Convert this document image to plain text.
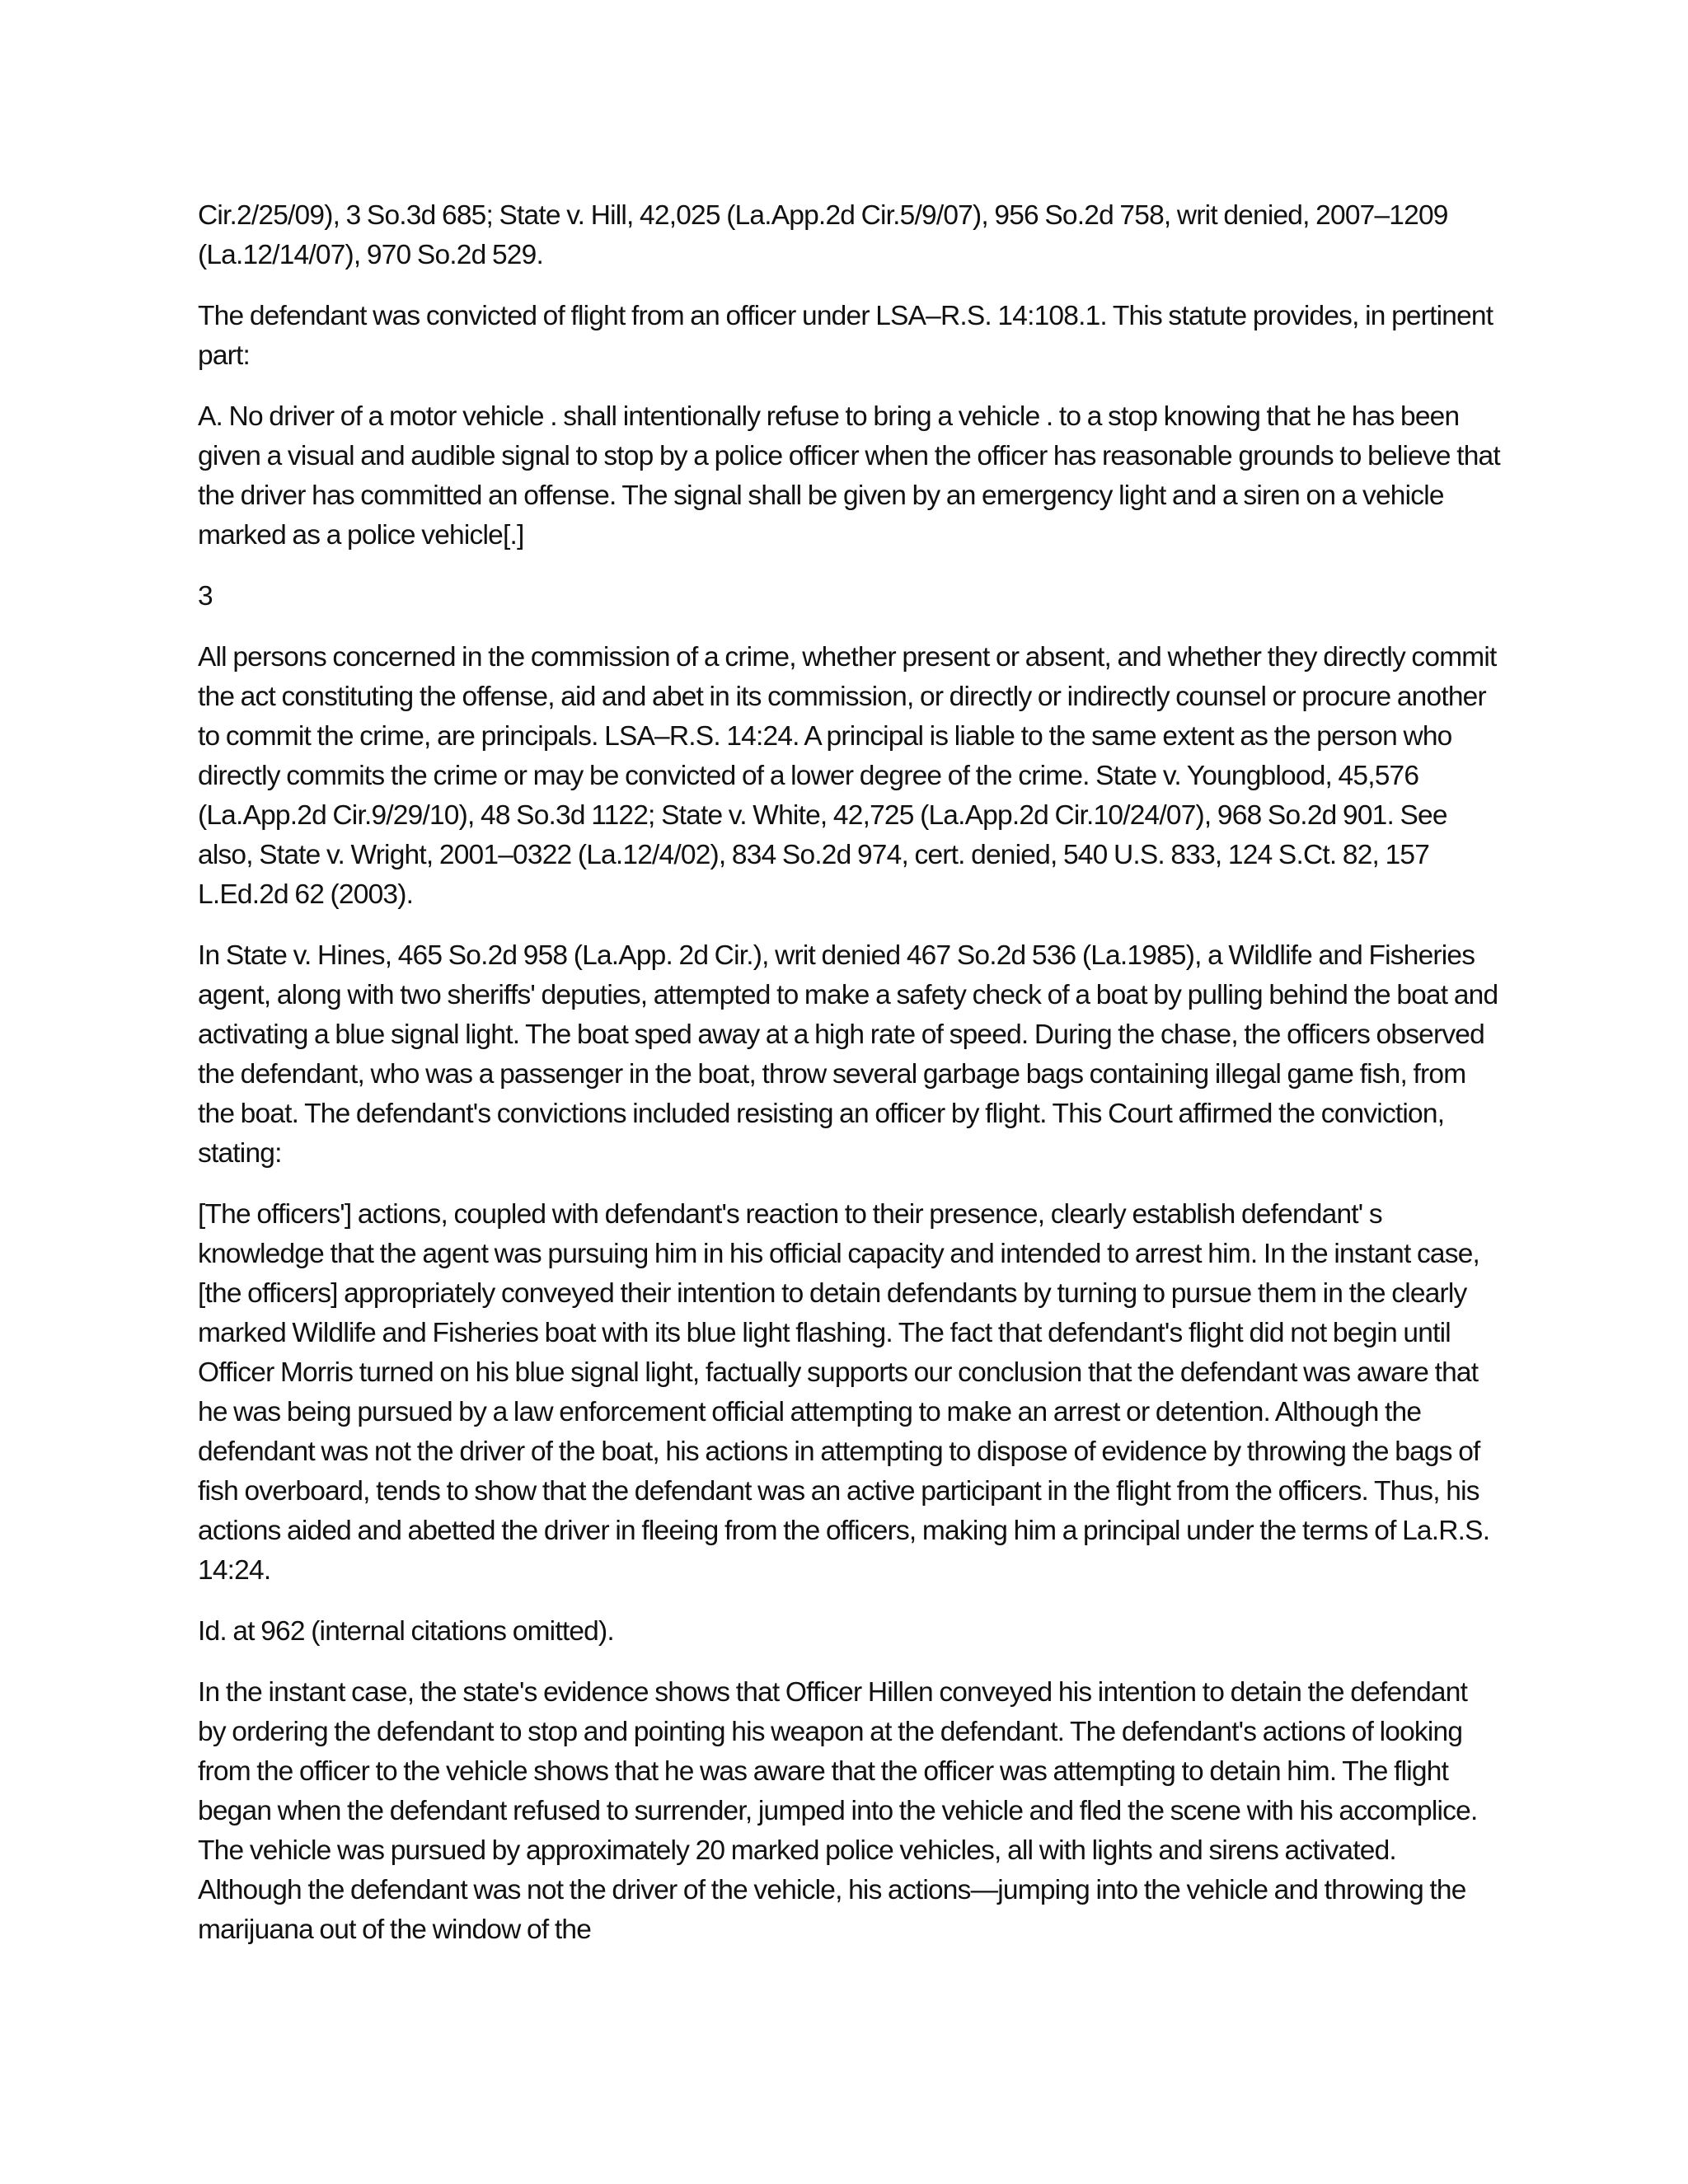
Cir.2/25/09), 3 So.3d 685; State v. Hill, 42,025 (La.App.2d Cir.5/9/07), 956 So.2d 758, writ denied, 2007–1209 (La.12/14/07), 970 So.2d 529.

The defendant was convicted of flight from an officer under LSA–R.S. 14:108.1. This statute provides, in pertinent part:

A. No driver of a motor vehicle . shall intentionally refuse to bring a vehicle . to a stop knowing that he has been given a visual and audible signal to stop by a police officer when the officer has reasonable grounds to believe that the driver has committed an offense. The signal shall be given by an emergency light and a siren on a vehicle marked as a police vehicle[.]

3

All persons concerned in the commission of a crime, whether present or absent, and whether they directly commit the act constituting the offense, aid and abet in its commission, or directly or indirectly counsel or procure another to commit the crime, are principals. LSA–R.S. 14:24. A principal is liable to the same extent as the person who directly commits the crime or may be convicted of a lower degree of the crime. State v. Youngblood, 45,576 (La.App.2d Cir.9/29/10), 48 So.3d 1122; State v. White, 42,725 (La.App.2d Cir.10/24/07), 968 So.2d 901. See also, State v. Wright, 2001–0322 (La.12/4/02), 834 So.2d 974, cert. denied, 540 U.S. 833, 124 S.Ct. 82, 157 L.Ed.2d 62 (2003).

In State v. Hines, 465 So.2d 958 (La.App. 2d Cir.), writ denied 467 So.2d 536 (La.1985), a Wildlife and Fisheries agent, along with two sheriffs' deputies, attempted to make a safety check of a boat by pulling behind the boat and activating a blue signal light. The boat sped away at a high rate of speed. During the chase, the officers observed the defendant, who was a passenger in the boat, throw several garbage bags containing illegal game fish, from the boat. The defendant's convictions included resisting an officer by flight. This Court affirmed the conviction, stating:

[The officers'] actions, coupled with defendant's reaction to their presence, clearly establish defendant' s knowledge that the agent was pursuing him in his official capacity and intended to arrest him. In the instant case, [the officers] appropriately conveyed their intention to detain defendants by turning to pursue them in the clearly marked Wildlife and Fisheries boat with its blue light flashing. The fact that defendant's flight did not begin until Officer Morris turned on his blue signal light, factually supports our conclusion that the defendant was aware that he was being pursued by a law enforcement official attempting to make an arrest or detention. Although the defendant was not the driver of the boat, his actions in attempting to dispose of evidence by throwing the bags of fish overboard, tends to show that the defendant was an active participant in the flight from the officers. Thus, his actions aided and abetted the driver in fleeing from the officers, making him a principal under the terms of La.R.S. 14:24.

Id. at 962 (internal citations omitted).

In the instant case, the state's evidence shows that Officer Hillen conveyed his intention to detain the defendant by ordering the defendant to stop and pointing his weapon at the defendant. The defendant's actions of looking from the officer to the vehicle shows that he was aware that the officer was attempting to detain him. The flight began when the defendant refused to surrender, jumped into the vehicle and fled the scene with his accomplice. The vehicle was pursued by approximately 20 marked police vehicles, all with lights and sirens activated. Although the defendant was not the driver of the vehicle, his actions—jumping into the vehicle and throwing the marijuana out of the window of the
